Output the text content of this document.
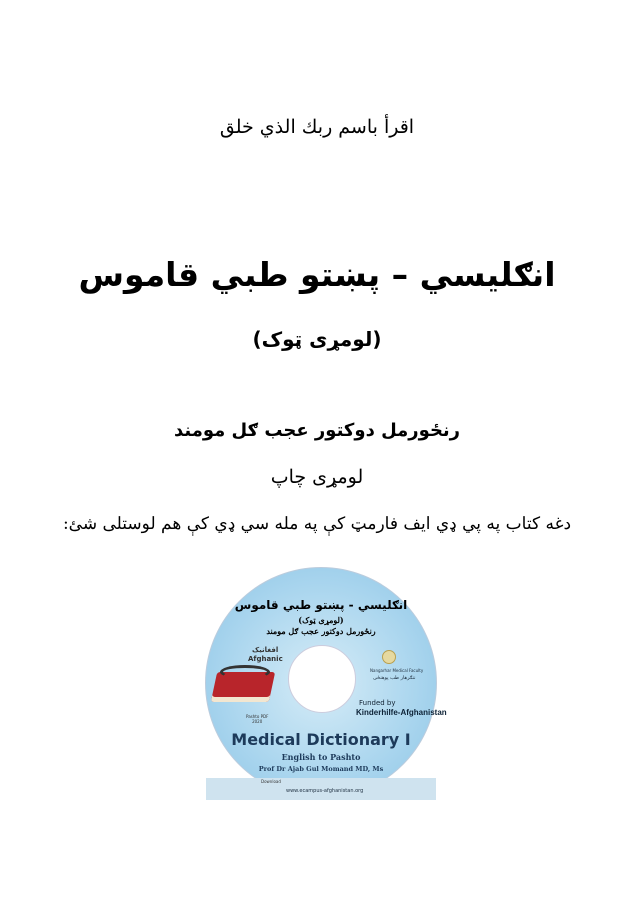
اقرأ باسم ربك الذي خلق
انګليسي – پښتو طبي قاموس
(لومړی ټوک)
رنځورمل دوکتور عجب ګل مومند
لومړی چاپ
دغه کتاب په پي ډي ايف فارمټ کې په مله سي ډي کې هم لوستلی شئ:
انګليسي - پښتو طبي قاموس
(لومړی ټوک)
رنځورمل دوکتور عجب ګل مومند
افغانیک
Afghanic
Pashto PDF
2020
Nangarhar Medical Faculty
ننګرهار طب پوهنځی
Funded by
Kinderhilfe-Afghanistan
Medical Dictionary I
English to Pashto
Prof Dr Ajab Gul Momand MD, Ms
Download
www.ecampus-afghanistan.org
